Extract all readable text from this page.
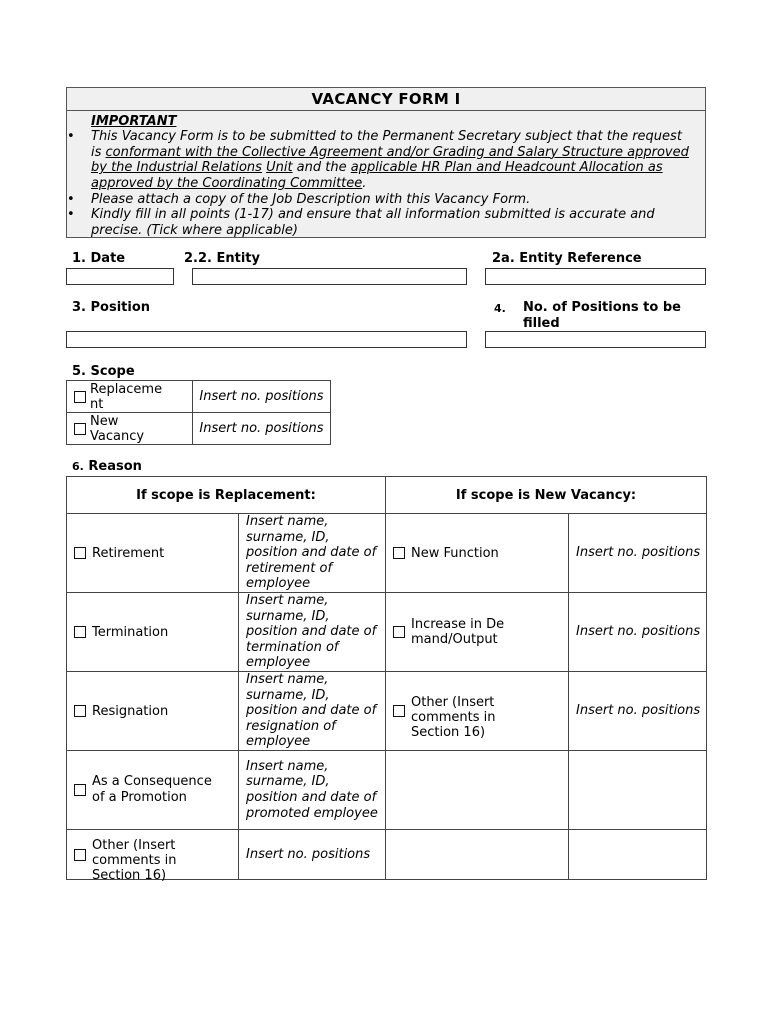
VACANCY FORM I
IMPORTANT
• This Vacancy Form is to be submitted to the Permanent Secretary subject that the request is conformant with the Collective Agreement and/or Grading and Salary Structure approved by the Industrial Relations Unit and the applicable HR Plan and Headcount Allocation as approved by the Coordinating Committee.
• Please attach a copy of the Job Description with this Vacancy Form.
• Kindly fill in all points (1-17) and ensure that all information submitted is accurate and precise. (Tick where applicable)
1. Date	2.2. Entity	2a. Entity Reference
3. Position	4. No. of Positions to be filled
5. Scope
Replacement	Insert no. positions

New Vacancy	Insert no. positions
6. Reason
If scope is Replacement:		If scope is New Vacancy:	

Retirement	Insert name, surname, ID, position and date of retirement of employee	New Function	Insert no. positions

Termination	Insert name, surname, ID, position and date of termination of employee	Increase in Demand/Output	Insert no. positions

Resignation	Insert name, surname, ID, position and date of resignation of employee	Other (Insert comments in Section 16)	Insert no. positions

As a Consequence of a Promotion	Insert name, surname, ID, position and date of promoted employee		

Other (Insert comments in Section 16)	Insert no. positions		
